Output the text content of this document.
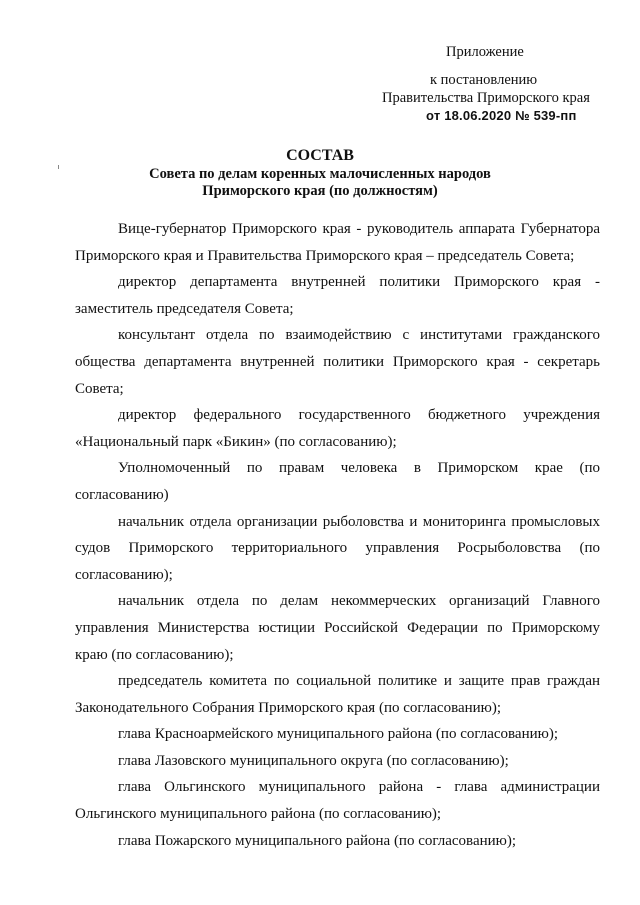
Приложение
к постановлению
Правительства Приморского края
от 18.06.2020 № 539-пп
СОСТАВ
Совета по делам коренных малочисленных народов
Приморского края (по должностям)

Вице-губернатор Приморского края - руководитель аппарата Губернатора Приморского края и Правительства Приморского края – председатель Совета;

директор департамента внутренней политики Приморского края - заместитель председателя Совета;

консультант отдела по взаимодействию с институтами гражданского общества департамента внутренней политики Приморского края - секретарь Совета;

директор федерального государственного бюджетного учреждения «Национальный парк «Бикин» (по согласованию);

Уполномоченный по правам человека в Приморском крае (по согласованию)

начальник отдела организации рыболовства и мониторинга промысловых судов Приморского территориального управления Росрыболовства (по согласованию);

начальник отдела по делам некоммерческих организаций Главного управления Министерства юстиции Российской Федерации по Приморскому краю (по согласованию);

председатель комитета по социальной политике и защите прав граждан Законодательного Собрания Приморского края (по согласованию);

глава Красноармейского муниципального района (по согласованию);

глава Лазовского муниципального округа (по согласованию);

глава Ольгинского муниципального района - глава администрации Ольгинского муниципального района (по согласованию);

глава Пожарского муниципального района (по согласованию);
